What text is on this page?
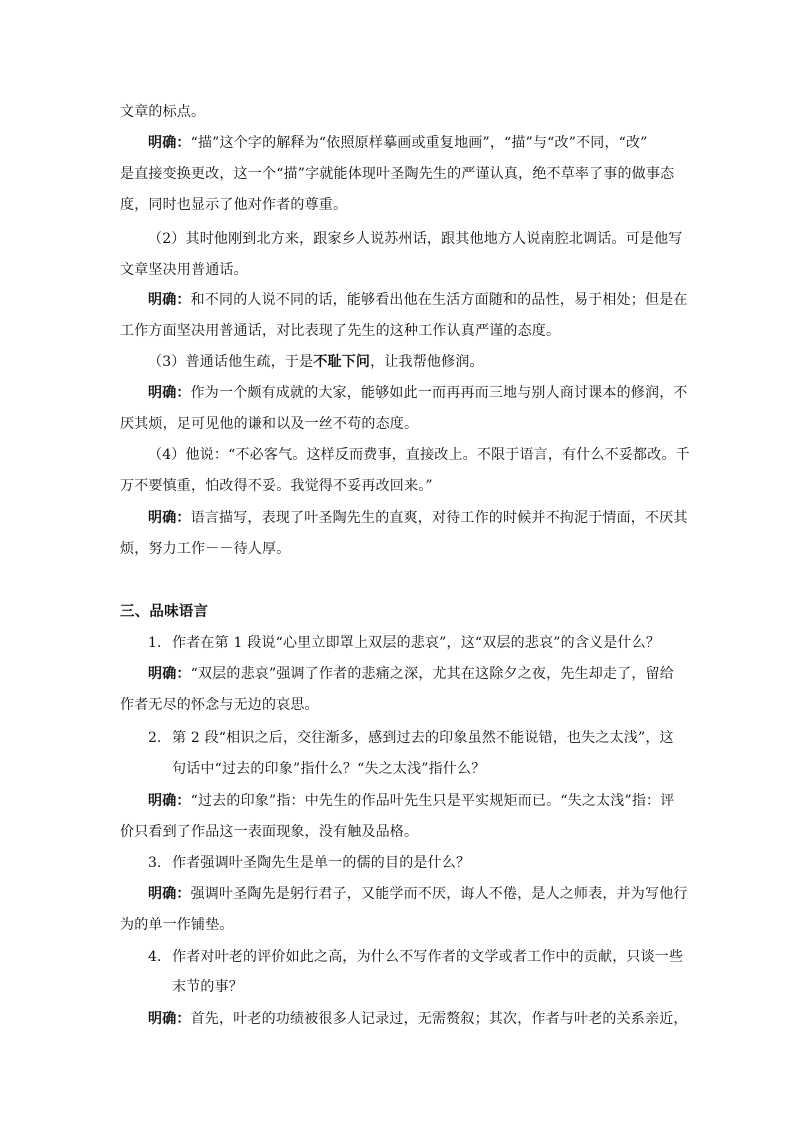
文章的标点。
明确：“描”这个字的解释为“依照原样摹画或重复地画”，“描”与“改”不同，“改”
是直接变换更改，这一个“描”字就能体现叶圣陶先生的严谨认真，绝不草率了事的做事态
度，同时也显示了他对作者的尊重。
（2）其时他刚到北方来，跟家乡人说苏州话，跟其他地方人说南腔北调话。可是他写
文章坚决用普通话。
明确：和不同的人说不同的话，能够看出他在生活方面随和的品性，易于相处；但是在
工作方面坚决用普通话，对比表现了先生的这种工作认真严谨的态度。
（3）普通话他生疏，于是不耻下问，让我帮他修润。
明确：作为一个颇有成就的大家，能够如此一而再再而三地与别人商讨课本的修润，不
厌其烦，足可见他的谦和以及一丝不苟的态度。
（4）他说：“不必客气。这样反而费事，直接改上。不限于语言，有什么不妥都改。千
万不要慎重，怕改得不妥。我觉得不妥再改回来。”
明确：语言描写，表现了叶圣陶先生的直爽，对待工作的时候并不拘泥于情面，不厌其
烦，努力工作－－待人厚。
三、品味语言
1. 作者在第 1 段说“心里立即罩上双层的悲哀”，这“双层的悲哀”的含义是什么？
明确：“双层的悲哀”强调了作者的悲痛之深，尤其在这除夕之夜，先生却走了，留给
作者无尽的怀念与无边的哀思。
2. 第 2 段“相识之后，交往渐多，感到过去的印象虽然不能说错，也失之太浅”，这
句话中“过去的印象”指什么？“失之太浅”指什么？
明确：“过去的印象”指：中先生的作品叶先生只是平实规矩而已。“失之太浅”指：评
价只看到了作品这一表面现象，没有触及品格。
3. 作者强调叶圣陶先生是单一的儒的目的是什么？
明确：强调叶圣陶先是躬行君子，又能学而不厌，诲人不倦，是人之师表，并为写他行
为的单一作铺垫。
4. 作者对叶老的评价如此之高，为什么不写作者的文学或者工作中的贡献，只谈一些
末节的事？
明确：首先，叶老的功绩被很多人记录过，无需赘叙；其次，作者与叶老的关系亲近，
